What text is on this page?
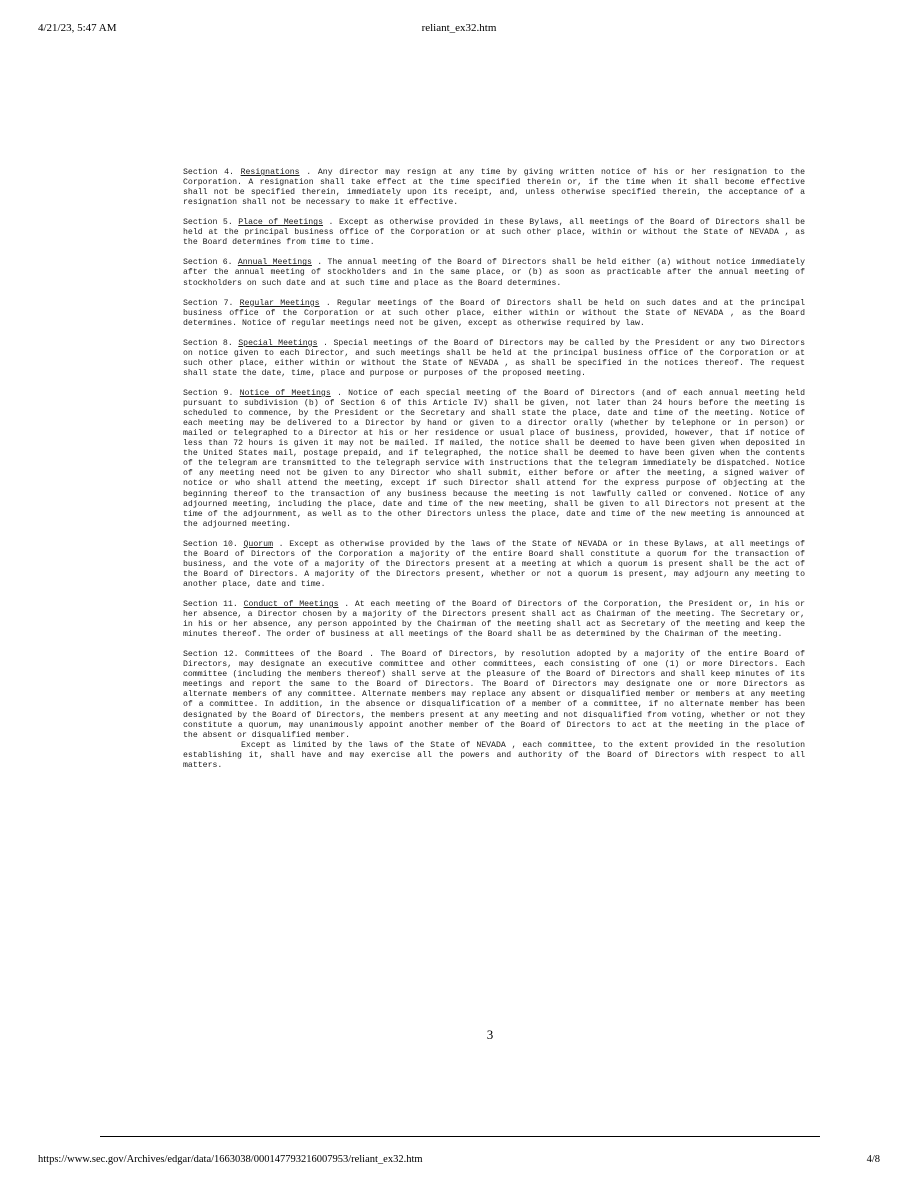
4/21/23, 5:47 AM	reliant_ex32.htm

Section 4. Resignations . Any director may resign at any time by giving written notice of his or her resignation to the Corporation. A resignation shall take effect at the time specified therein or, if the time when it shall become effective shall not be specified therein, immediately upon its receipt, and, unless otherwise specified therein, the acceptance of a resignation shall not be necessary to make it effective.

Section 5. Place of Meetings . Except as otherwise provided in these Bylaws, all meetings of the Board of Directors shall be held at the principal business office of the Corporation or at such other place, within or without the State of NEVADA , as the Board determines from time to time.

Section 6. Annual Meetings . The annual meeting of the Board of Directors shall be held either (a) without notice immediately after the annual meeting of stockholders and in the same place, or (b) as soon as practicable after the annual meeting of stockholders on such date and at such time and place as the Board determines.

Section 7. Regular Meetings . Regular meetings of the Board of Directors shall be held on such dates and at the principal business office of the Corporation or at such other place, either within or without the State of NEVADA , as the Board determines. Notice of regular meetings need not be given, except as otherwise required by law.

Section 8. Special Meetings . Special meetings of the Board of Directors may be called by the President or any two Directors on notice given to each Director, and such meetings shall be held at the principal business office of the Corporation or at such other place, either within or without the State of NEVADA , as shall be specified in the notices thereof. The request shall state the date, time, place and purpose or purposes of the proposed meeting.

Section 9. Notice of Meetings . Notice of each special meeting of the Board of Directors (and of each annual meeting held pursuant to subdivision (b) of Section 6 of this Article IV) shall be given, not later than 24 hours before the meeting is scheduled to commence, by the President or the Secretary and shall state the place, date and time of the meeting. Notice of each meeting may be delivered to a Director by hand or given to a director orally (whether by telephone or in person) or mailed or telegraphed to a Director at his or her residence or usual place of business, provided, however, that if notice of less than 72 hours is given it may not be mailed. If mailed, the notice shall be deemed to have been given when deposited in the United States mail, postage prepaid, and if telegraphed, the notice shall be deemed to have been given when the contents of the telegram are transmitted to the telegraph service with instructions that the telegram immediately be dispatched. Notice of any meeting need not be given to any Director who shall submit, either before or after the meeting, a signed waiver of notice or who shall attend the meeting, except if such Director shall attend for the express purpose of objecting at the beginning thereof to the transaction of any business because the meeting is not lawfully called or convened. Notice of any adjourned meeting, including the place, date and time of the new meeting, shall be given to all Directors not present at the time of the adjournment, as well as to the other Directors unless the place, date and time of the new meeting is announced at the adjourned meeting.

Section 10. Quorum . Except as otherwise provided by the laws of the State of NEVADA or in these Bylaws, at all meetings of the Board of Directors of the Corporation a majority of the entire Board shall constitute a quorum for the transaction of business, and the vote of a majority of the Directors present at a meeting at which a quorum is present shall be the act of the Board of Directors. A majority of the Directors present, whether or not a quorum is present, may adjourn any meeting to another place, date and time.

Section 11. Conduct of Meetings . At each meeting of the Board of Directors of the Corporation, the President or, in his or her absence, a Director chosen by a majority of the Directors present shall act as Chairman of the meeting. The Secretary or, in his or her absence, any person appointed by the Chairman of the meeting shall act as Secretary of the meeting and keep the minutes thereof. The order of business at all meetings of the Board shall be as determined by the Chairman of the meeting.

Section 12. Committees of the Board . The Board of Directors, by resolution adopted by a majority of the entire Board of Directors, may designate an executive committee and other committees, each consisting of one (1) or more Directors. Each committee (including the members thereof) shall serve at the pleasure of the Board of Directors and shall keep minutes of its meetings and report the same to the Board of Directors. The Board of Directors may designate one or more Directors as alternate members of any committee. Alternate members may replace any absent or disqualified member or members at any meeting of a committee. In addition, in the absence or disqualification of a member of a committee, if no alternate member has been designated by the Board of Directors, the members present at any meeting and not disqualified from voting, whether or not they constitute a quorum, may unanimously appoint another member of the Board of Directors to act at the meeting in the place of the absent or disqualified member.
Except as limited by the laws of the State of NEVADA , each committee, to the extent provided in the resolution establishing it, shall have and may exercise all the powers and authority of the Board of Directors with respect to all matters.

3
https://www.sec.gov/Archives/edgar/data/1663038/000147793216007953/reliant_ex32.htm	4/8
